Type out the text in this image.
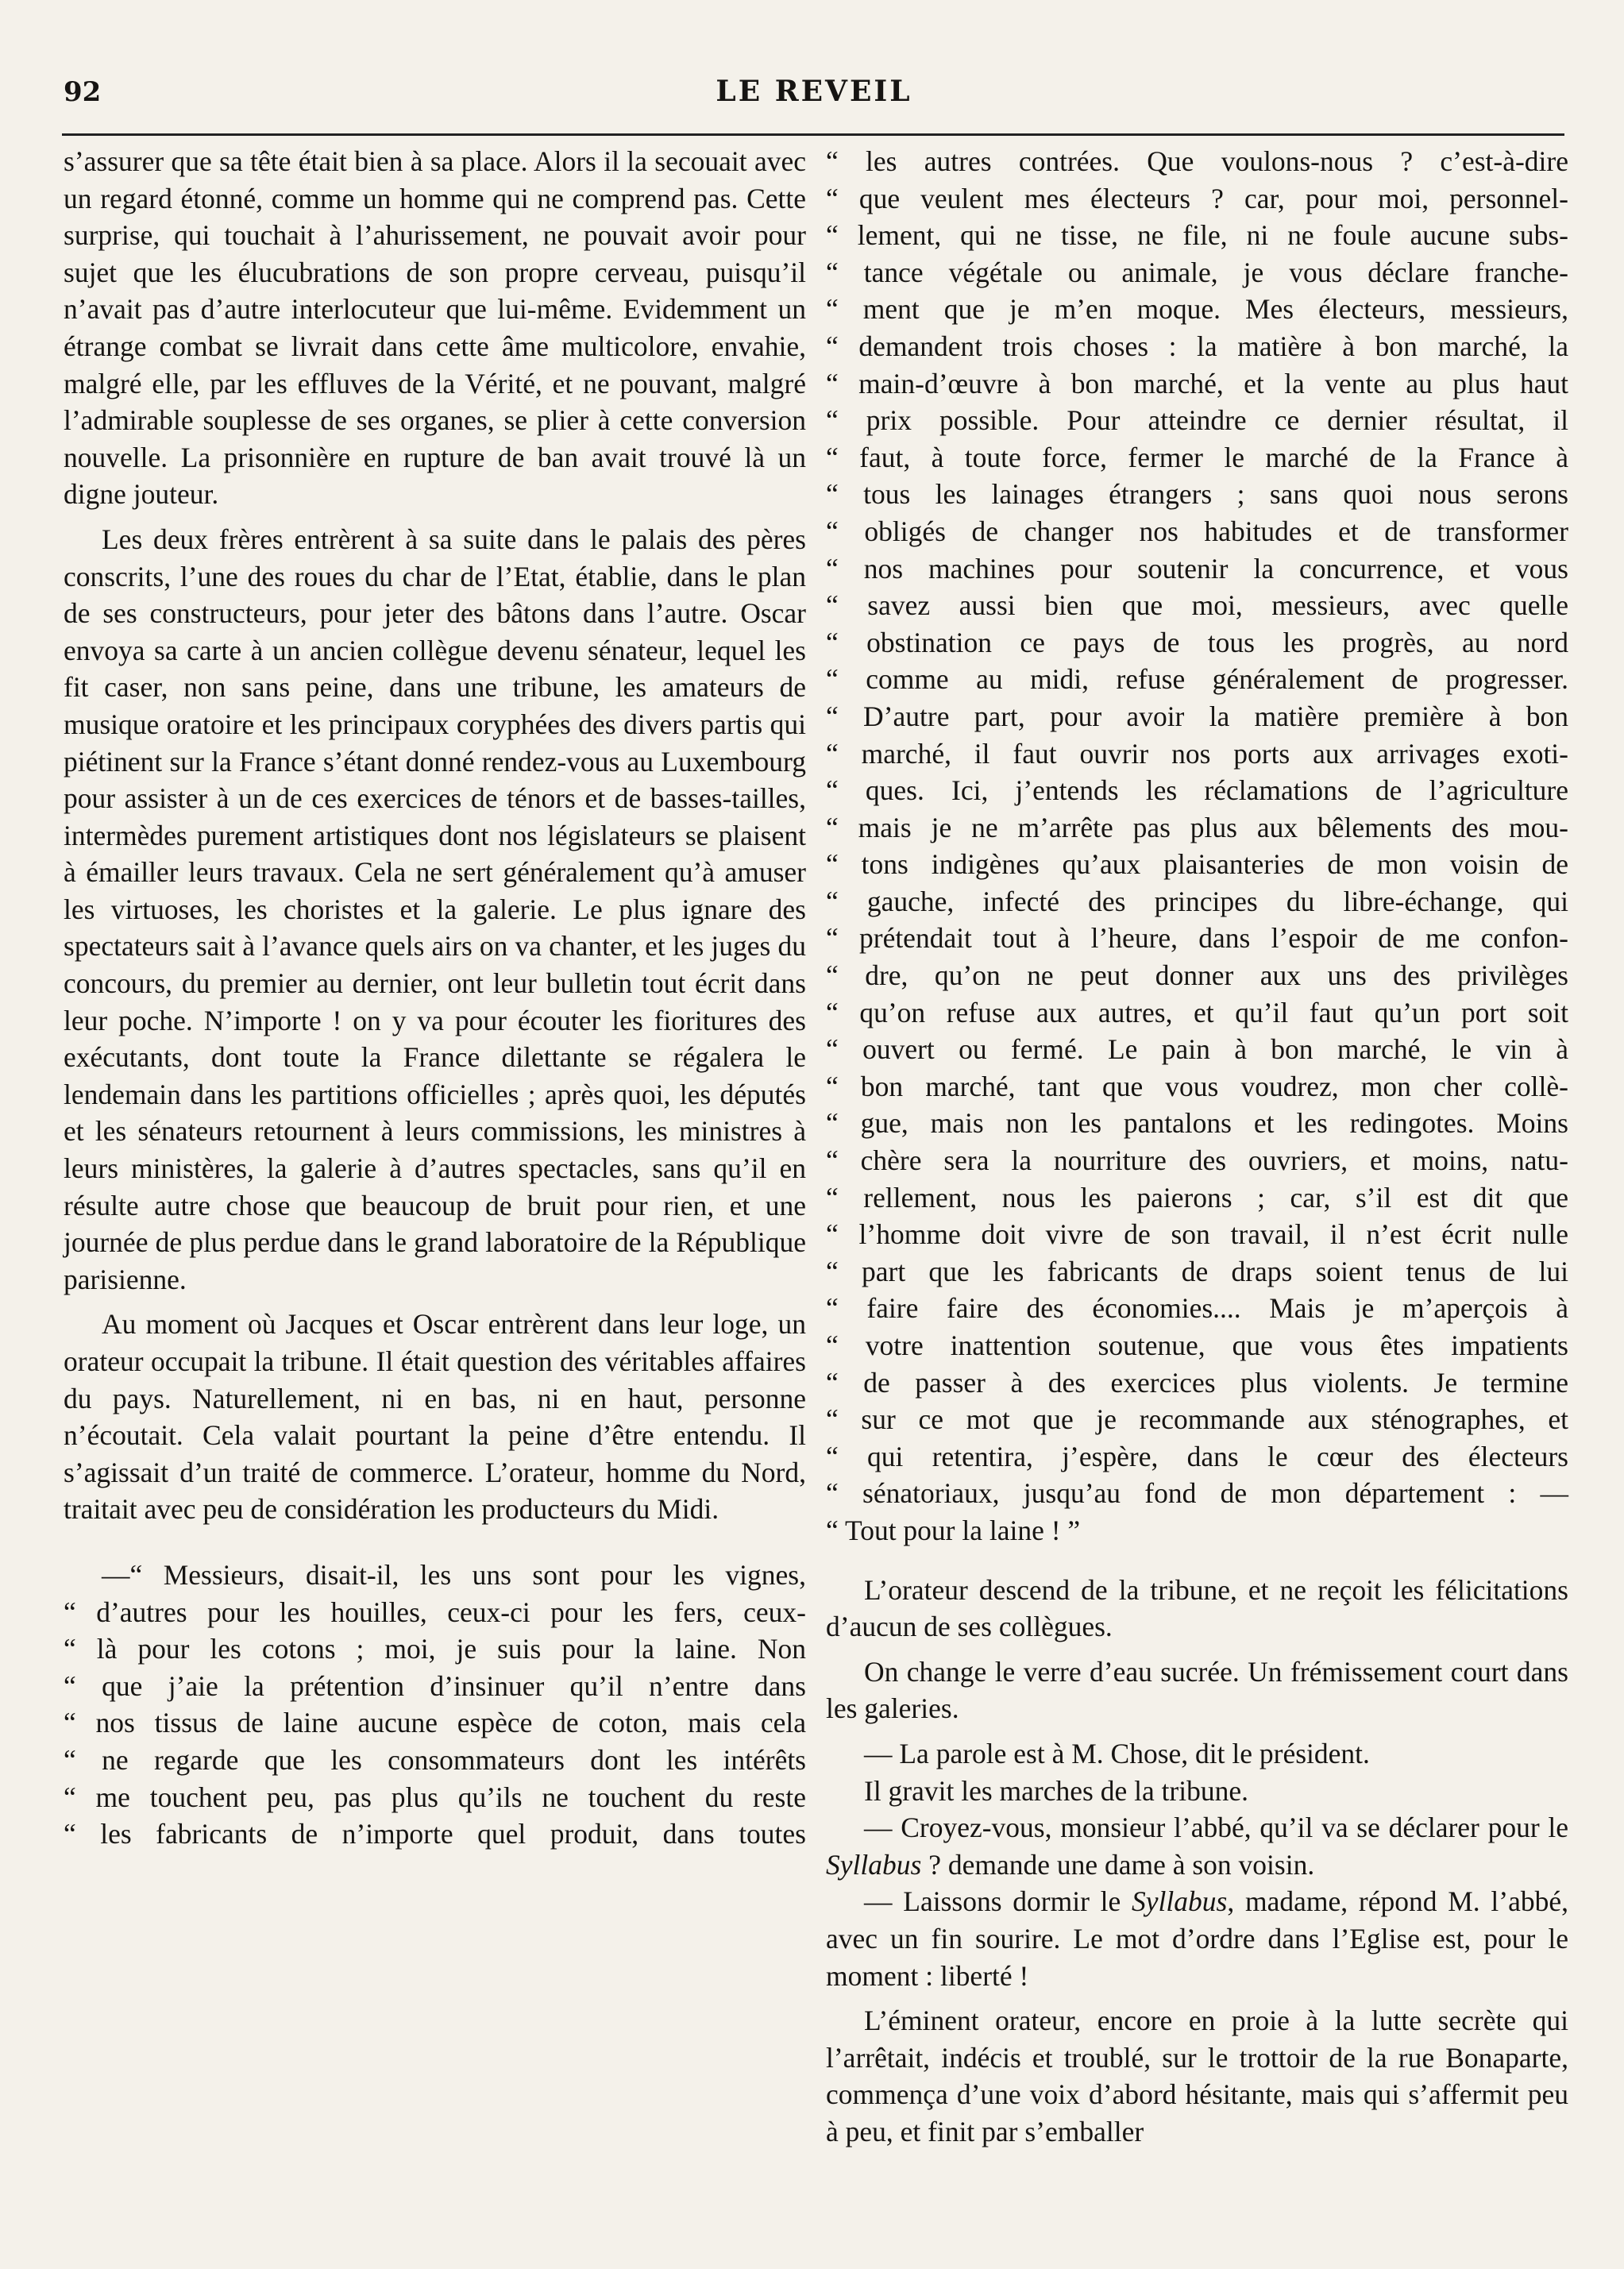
92	LE REVEIL

s’assurer que sa tête était bien à sa place. Alors il la secouait avec un regard étonné, comme un homme qui ne comprend pas. Cette surprise, qui touchait à l’ahurissement, ne pouvait avoir pour sujet que les élucubrations de son propre cerveau, puisqu’il n’avait pas d’autre interlocuteur que lui-même. Evidemment un étrange combat se livrait dans cette âme multicolore, envahie, malgré elle, par les effluves de la Vérité, et ne pouvant, malgré l’admirable souplesse de ses organes, se plier à cette conversion nouvelle. La prisonnière en rupture de ban avait trouvé là un digne jouteur.

Les deux frères entrèrent à sa suite dans le palais des pères conscrits, l’une des roues du char de l’Etat, établie, dans le plan de ses constructeurs, pour jeter des bâtons dans l’autre. Oscar envoya sa carte à un ancien collègue devenu sénateur, lequel les fit caser, non sans peine, dans une tribune, les amateurs de musique oratoire et les principaux coryphées des divers partis qui piétinent sur la France s’étant donné rendez-vous au Luxembourg pour assister à un de ces exercices de ténors et de basses-tailles, intermèdes purement artistiques dont nos législateurs se plaisent à émailler leurs travaux. Cela ne sert généralement qu’à amuser les virtuoses, les choristes et la galerie. Le plus ignare des spectateurs sait à l’avance quels airs on va chanter, et les juges du concours, du premier au dernier, ont leur bulletin tout écrit dans leur poche. N’importe ! on y va pour écouter les fioritures des exécutants, dont toute la France dilettante se régalera le lendemain dans les partitions officielles ; après quoi, les députés et les sénateurs retournent à leurs commissions, les ministres à leurs ministères, la galerie à d’autres spectacles, sans qu’il en résulte autre chose que beaucoup de bruit pour rien, et une journée de plus perdue dans le grand laboratoire de la République parisienne.

Au moment où Jacques et Oscar entrèrent dans leur loge, un orateur occupait la tribune. Il était question des véritables affaires du pays. Naturellement, ni en bas, ni en haut, personne n’écoutait. Cela valait pourtant la peine d’être entendu. Il s’agissait d’un traité de commerce. L’orateur, homme du Nord, traitait avec peu de considération les producteurs du Midi.

—“ Messieurs, disait-il, les uns sont pour les vignes,
“ d’autres pour les houilles, ceux-ci pour les fers, ceux-
“ là pour les cotons ; moi, je suis pour la laine. Non
“ que j’aie la prétention d’insinuer qu’il n’entre dans
“ nos tissus de laine aucune espèce de coton, mais cela
“ ne regarde que les consommateurs dont les intérêts
“ me touchent peu, pas plus qu’ils ne touchent du reste
“ les fabricants de n’importe quel produit, dans toutes
“ les autres contrées. Que voulons-nous ? c’est-à-dire
“ que veulent mes électeurs ? car, pour moi, personnel-
“ lement, qui ne tisse, ne file, ni ne foule aucune subs-
“ tance végétale ou animale, je vous déclare franche-
“ ment que je m’en moque. Mes électeurs, messieurs,
“ demandent trois choses : la matière à bon marché, la
“ main-d’œuvre à bon marché, et la vente au plus haut
“ prix possible. Pour atteindre ce dernier résultat, il
“ faut, à toute force, fermer le marché de la France à
“ tous les lainages étrangers ; sans quoi nous serons
“ obligés de changer nos habitudes et de transformer
“ nos machines pour soutenir la concurrence, et vous
“ savez aussi bien que moi, messieurs, avec quelle
“ obstination ce pays de tous les progrès, au nord
“ comme au midi, refuse généralement de progresser.
“ D’autre part, pour avoir la matière première à bon
“ marché, il faut ouvrir nos ports aux arrivages exoti-
“ ques. Ici, j’entends les réclamations de l’agriculture
“ mais je ne m’arrête pas plus aux bêlements des mou-
“ tons indigènes qu’aux plaisanteries de mon voisin de
“ gauche, infecté des principes du libre-échange, qui
“ prétendait tout à l’heure, dans l’espoir de me confon-
“ dre, qu’on ne peut donner aux uns des privilèges
“ qu’on refuse aux autres, et qu’il faut qu’un port soit
“ ouvert ou fermé. Le pain à bon marché, le vin à
“ bon marché, tant que vous voudrez, mon cher collè-
“ gue, mais non les pantalons et les redingotes. Moins
“ chère sera la nourriture des ouvriers, et moins, natu-
“ rellement, nous les paierons ; car, s’il est dit que
“ l’homme doit vivre de son travail, il n’est écrit nulle
“ part que les fabricants de draps soient tenus de lui
“ faire faire des économies.... Mais je m’aperçois à
“ votre inattention soutenue, que vous êtes impatients
“ de passer à des exercices plus violents. Je termine
“ sur ce mot que je recommande aux sténographes, et
“ qui retentira, j’espère, dans le cœur des électeurs
“ sénatoriaux, jusqu’au fond de mon département : —
“ Tout pour la laine ! ”

L’orateur descend de la tribune, et ne reçoit les félicitations d’aucun de ses collègues.

On change le verre d’eau sucrée. Un frémissement court dans les galeries.

— La parole est à M. Chose, dit le président.

Il gravit les marches de la tribune.

— Croyez-vous, monsieur l’abbé, qu’il va se déclarer pour le Syllabus ? demande une dame à son voisin.

— Laissons dormir le Syllabus, madame, répond M. l’abbé, avec un fin sourire. Le mot d’ordre dans l’Eglise est, pour le moment : liberté !

L’éminent orateur, encore en proie à la lutte secrète qui l’arrêtait, indécis et troublé, sur le trottoir de la rue Bonaparte, commença d’une voix d’abord hésitante, mais qui s’affermit peu à peu, et finit par s’emballer
